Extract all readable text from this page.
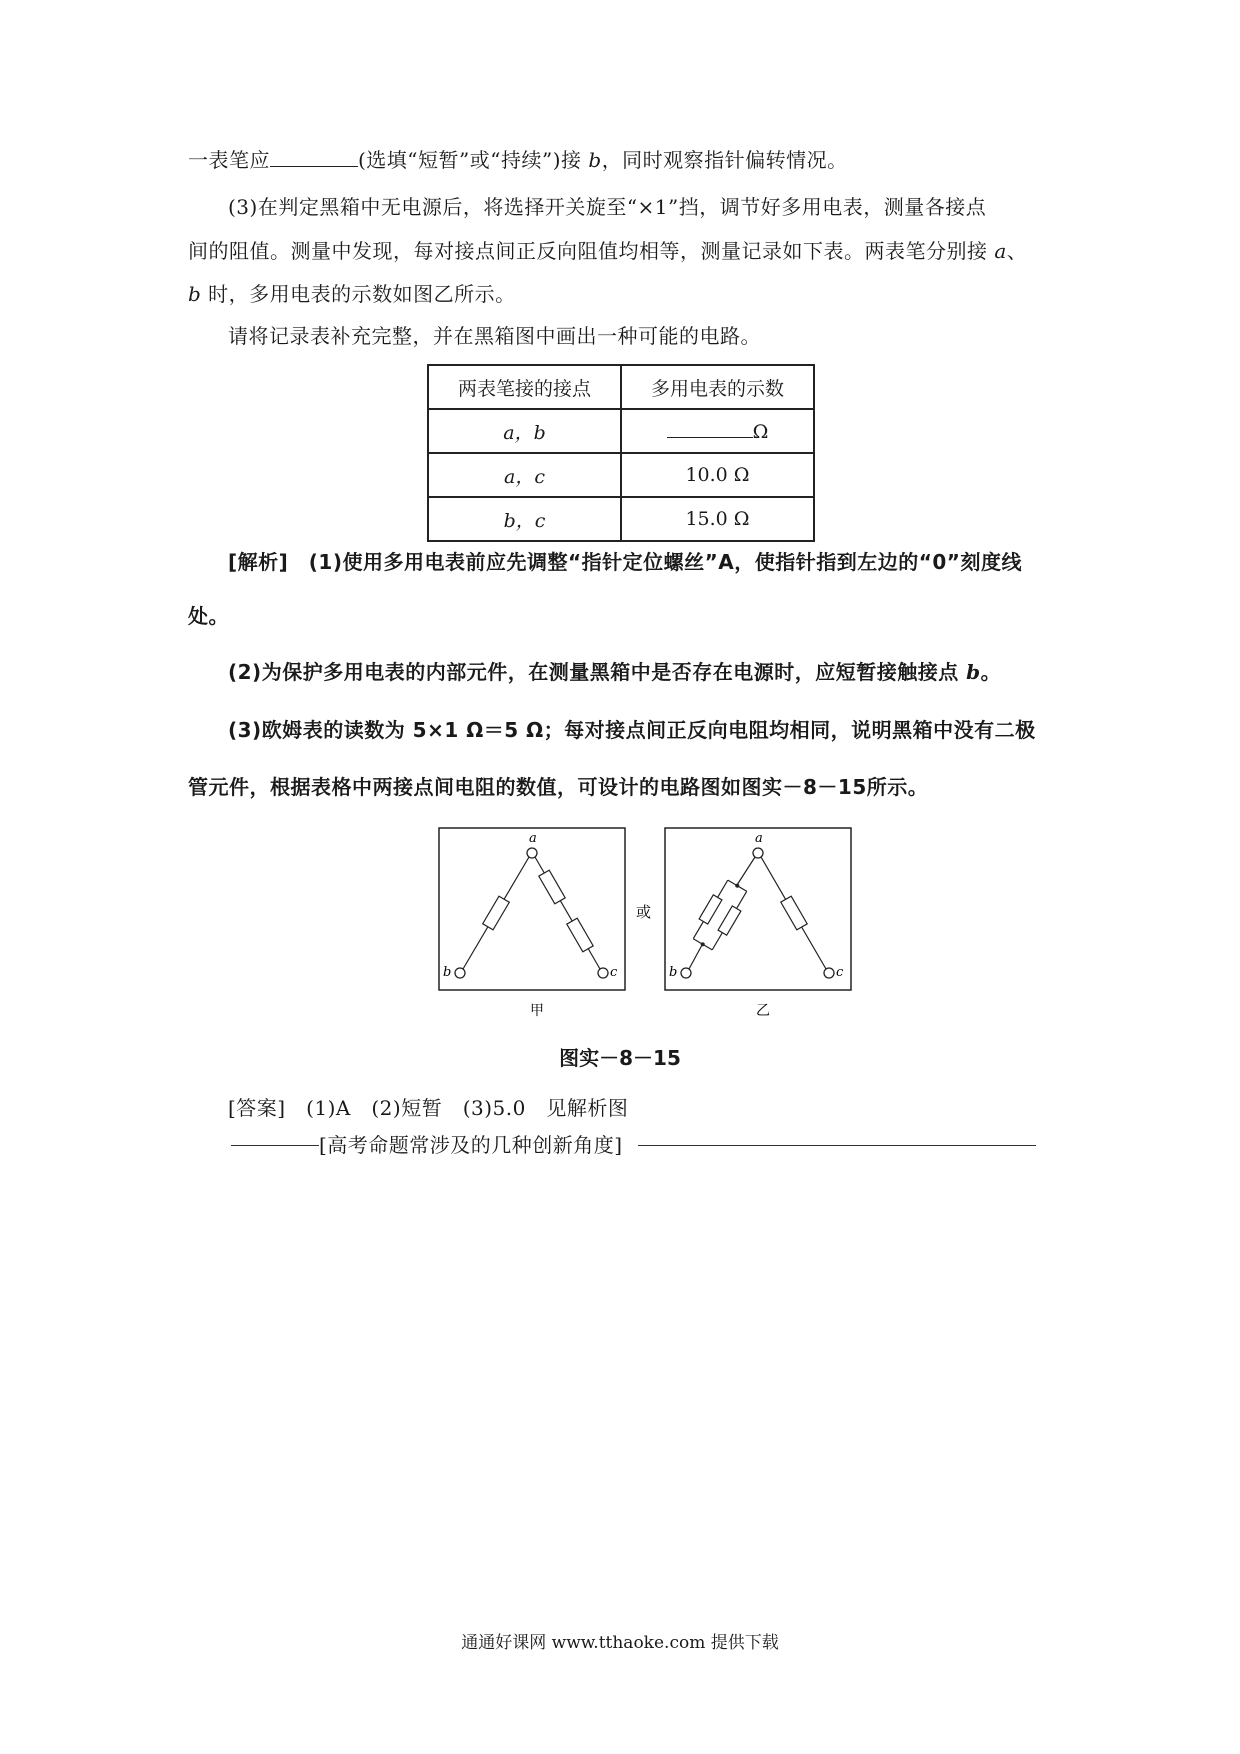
一表笔应	(选填“短暂”或“持续”)接 b，同时观察指针偏转情况。
(3)在判定黑箱中无电源后，将选择开关旋至“×1”挡，调节好多用电表，测量各接点
间的阻值。测量中发现，每对接点间正反向阻值均相等，测量记录如下表。两表笔分别接 a、
b 时，多用电表的示数如图乙所示。
请将记录表补充完整，并在黑箱图中画出一种可能的电路。
两表笔接的接点	多用电表的示数
a，b	Ω
a，c	10.0 Ω
b，c	15.0 Ω
[解析]　(1)使用多用电表前应先调整“指针定位螺丝”A，使指针指到左边的“0”刻度线
处。
(2)为保护多用电表的内部元件，在测量黑箱中是否存在电源时，应短暂接触接点 b。
(3)欧姆表的读数为 5×1 Ω＝5 Ω；每对接点间正反向电阻均相同，说明黑箱中没有二极
管元件，根据表格中两接点间电阻的数值，可设计的电路图如图实－8－15所示。
a
b	c
或
a
b	c
甲	乙
图实－8－15
[答案]　(1)A　(2)短暂　(3)5.0　见解析图
[高考命题常涉及的几种创新角度]
通通好课网 www.tthaoke.com 提供下载
